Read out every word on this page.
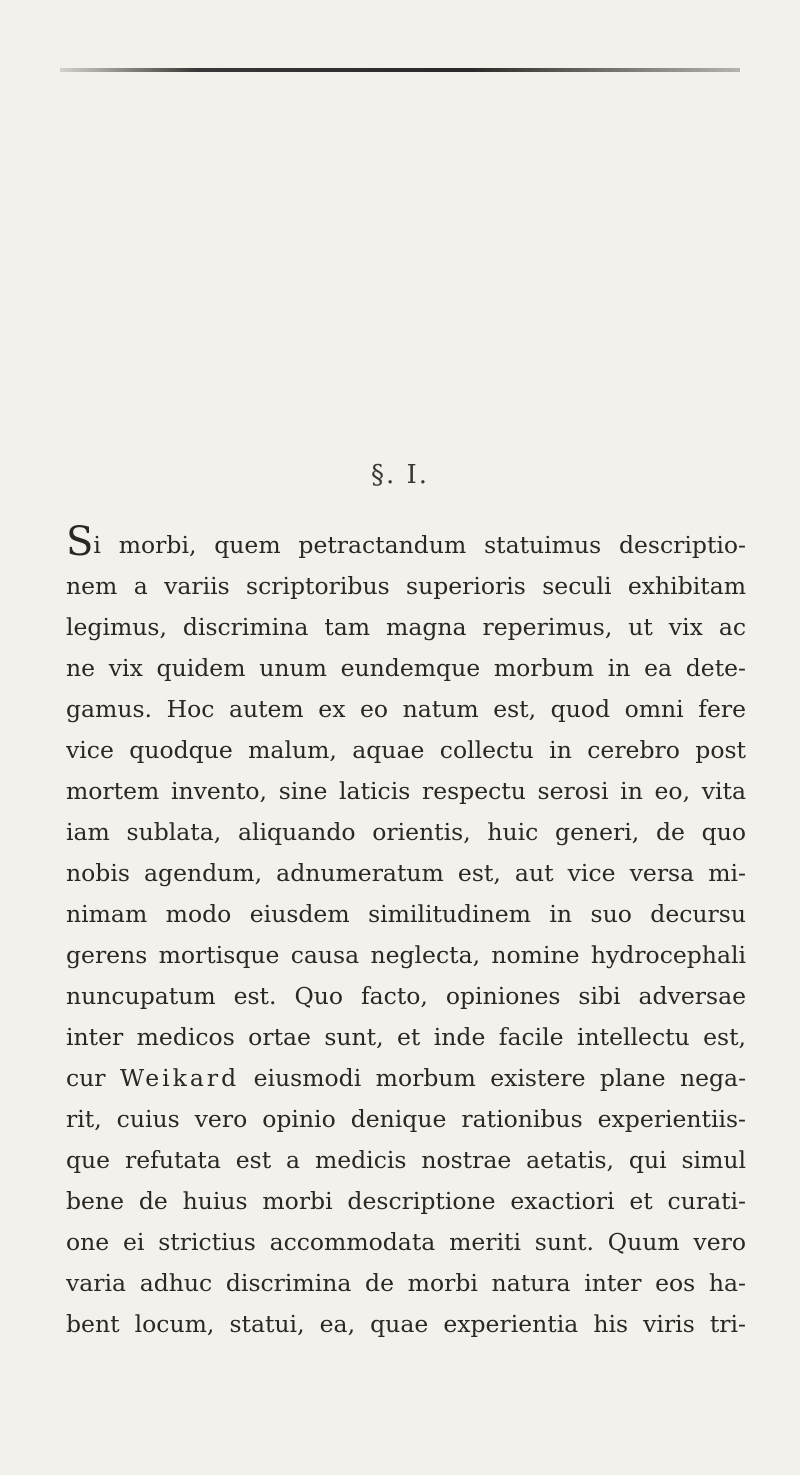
§. I.
Si morbi, quem petractandum statuimus descriptio-
nem a variis scriptoribus superioris seculi exhibitam
legimus, discrimina tam magna reperimus, ut vix ac
ne vix quidem unum eundemque morbum in ea dete-
gamus. Hoc autem ex eo natum est, quod omni fere
vice quodque malum, aquae collectu in cerebro post
mortem invento, sine laticis respectu serosi in eo, vita
iam sublata, aliquando orientis, huic generi, de quo
nobis agendum, adnumeratum est, aut vice versa mi-
nimam modo eiusdem similitudinem in suo decursu
gerens mortisque causa neglecta, nomine hydrocephali
nuncupatum est. Quo facto, opiniones sibi adversae
inter medicos ortae sunt, et inde facile intellectu est,
cur Weikard eiusmodi morbum existere plane nega-
rit, cuius vero opinio denique rationibus experientiis-
que refutata est a medicis nostrae aetatis, qui simul
bene de huius morbi descriptione exactiori et curati-
one ei strictius accommodata meriti sunt. Quum vero
varia adhuc discrimina de morbi natura inter eos ha-
bent locum, statui, ea, quae experientia his viris tri-
